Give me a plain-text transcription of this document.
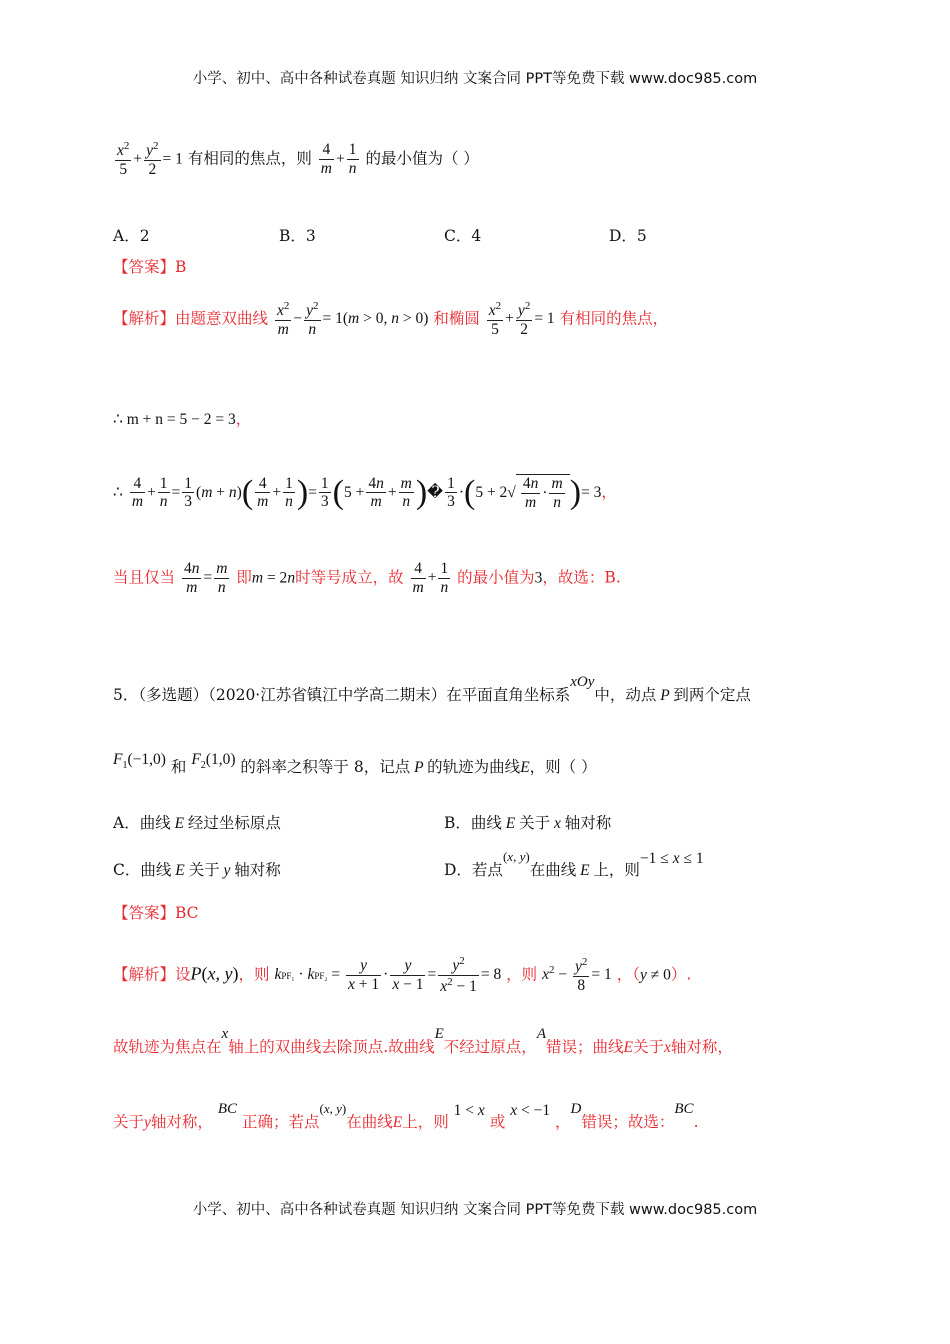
小学、初中、高中各种试卷真题 知识归纳 文案合同 PPT等免费下载 www.doc985.com
$\frac{x^2}{5} + \frac{y^2}{2} = 1$ 有相同的焦点，则 $\frac{4}{m} + \frac{1}{n}$ 的最小值为（ ）
A．2	B．3	C．4	D．5
【答案】B
【解析】由题意双曲线 $\frac{x^2}{m} - \frac{y^2}{n} = 1(m > 0$, n > 0) 和椭圆 $\frac{x^2}{5} + \frac{y^2}{2} = 1$ 有相同的焦点，
∴ m + n = 5 − 2 = 3，
∴ $\frac{4}{m} + \frac{1}{n} = \frac{1}{3} (m + n)( \frac{4}{m} + \frac{1}{n}$ )= $\frac{1}{3} (5 + \frac{4n}{m} + \frac{m}{n}$ )� $\frac{1}{3} \cdot(5 + 2√ \frac{4n}{m} \cdot \frac{m}{n}$ )= 3，
当且仅当 $\frac{4n}{m} = \frac{m}{n}$ 即m = 2n时等号成立，故 $\frac{4}{m} + \frac{1}{n}$ 的最小值为3，故选：B.
5．（多选题）（2020·江苏省镇江中学高二期末）在平面直角坐标系xOy中，动点 P 到两个定点
$F^1(-1,0)$ 和 $F^2(1,0)$ 的斜率之积等于 8，记点 P 的轨迹为曲线E，则（ ）
A．曲线 E 经过坐标原点	B．曲线 E 关于 x 轴对称
C．曲线 E 关于 y 轴对称	D．若点$^{(x, y)}$在曲线 E 上，则−1 ≤ x ≤ 1
【答案】BC
【解析】设P(x, y)，则 $kPF_1 \cdot kPF_2 = \frac{y}{x + 1} \cdot \frac{y}{x - 1} = \frac{y^2}{x^2 - 1} = 8$ ，则 $x^2 - \frac{y^2}{8} = 1$ ，（y ≠ 0）.
故轨迹为焦点在x轴上的双曲线去除顶点.故曲线E不经过原点，A错误；曲线E关于x轴对称，
关于y轴对称， BC 正确；若点$^{(x, y)}$在曲线E上，则 1 < x 或 x < −1 ，D错误；故选：BC.
小学、初中、高中各种试卷真题 知识归纳 文案合同 PPT等免费下载 www.doc985.com
